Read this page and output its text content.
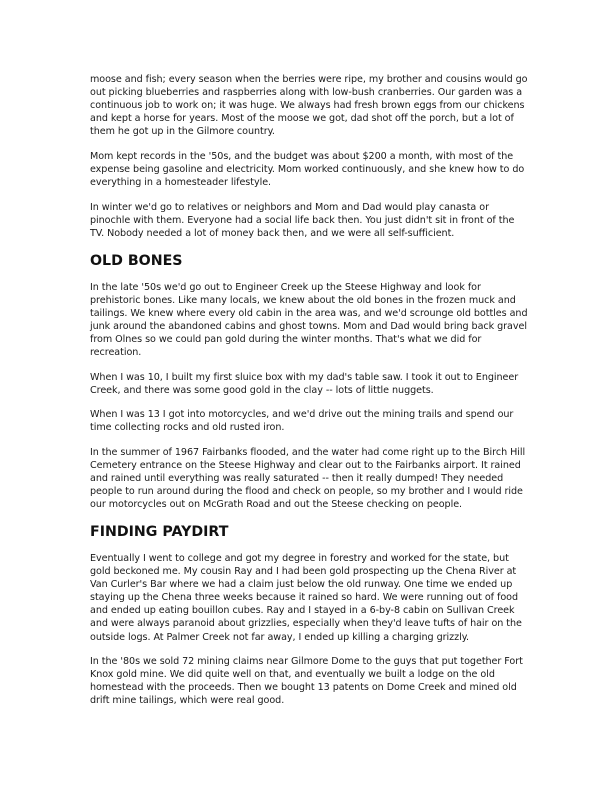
moose and fish; every season when the berries were ripe, my brother and cousins would go out picking blueberries and raspberries along with low-bush cranberries. Our garden was a continuous job to work on; it was huge. We always had fresh brown eggs from our chickens and kept a horse for years. Most of the moose we got, dad shot off the porch, but a lot of them he got up in the Gilmore country.

Mom kept records in the '50s, and the budget was about $200 a month, with most of the expense being gasoline and electricity. Mom worked continuously, and she knew how to do everything in a homesteader lifestyle.

In winter we'd go to relatives or neighbors and Mom and Dad would play canasta or pinochle with them. Everyone had a social life back then. You just didn't sit in front of the TV. Nobody needed a lot of money back then, and we were all self-sufficient.

OLD BONES

In the late '50s we'd go out to Engineer Creek up the Steese Highway and look for prehistoric bones. Like many locals, we knew about the old bones in the frozen muck and tailings. We knew where every old cabin in the area was, and we'd scrounge old bottles and junk around the abandoned cabins and ghost towns. Mom and Dad would bring back gravel from Olnes so we could pan gold during the winter months. That's what we did for recreation.

When I was 10, I built my first sluice box with my dad's table saw. I took it out to Engineer Creek, and there was some good gold in the clay -- lots of little nuggets.

When I was 13 I got into motorcycles, and we'd drive out the mining trails and spend our time collecting rocks and old rusted iron.

In the summer of 1967 Fairbanks flooded, and the water had come right up to the Birch Hill Cemetery entrance on the Steese Highway and clear out to the Fairbanks airport. It rained and rained until everything was really saturated -- then it really dumped! They needed people to run around during the flood and check on people, so my brother and I would ride our motorcycles out on McGrath Road and out the Steese checking on people.

FINDING PAYDIRT

Eventually I went to college and got my degree in forestry and worked for the state, but gold beckoned me. My cousin Ray and I had been gold prospecting up the Chena River at Van Curler's Bar where we had a claim just below the old runway. One time we ended up staying up the Chena three weeks because it rained so hard. We were running out of food and ended up eating bouillon cubes. Ray and I stayed in a 6-by-8 cabin on Sullivan Creek and were always paranoid about grizzlies, especially when they'd leave tufts of hair on the outside logs. At Palmer Creek not far away, I ended up killing a charging grizzly.

In the '80s we sold 72 mining claims near Gilmore Dome to the guys that put together Fort Knox gold mine. We did quite well on that, and eventually we built a lodge on the old homestead with the proceeds. Then we bought 13 patents on Dome Creek and mined old drift mine tailings, which were real good.
